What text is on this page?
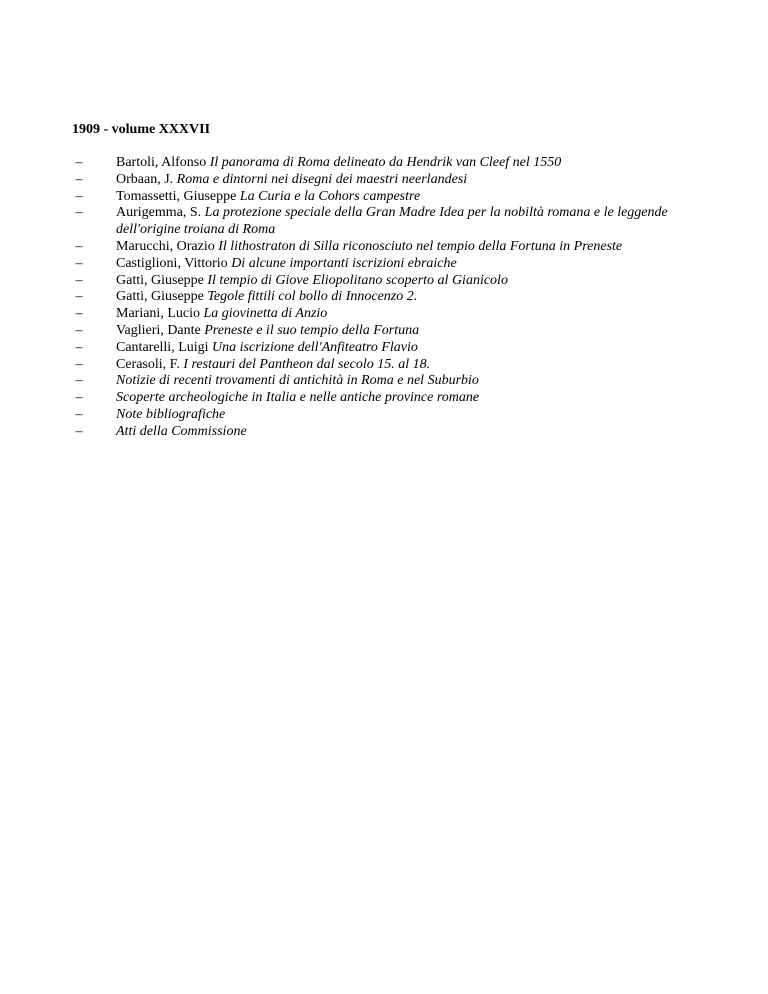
1909 - volume XXXVII
– Bartoli, Alfonso Il panorama di Roma delineato da Hendrik van Cleef nel 1550
– Orbaan, J. Roma e dintorni nei disegni dei maestri neerlandesi
– Tomassetti, Giuseppe La Curia e la Cohors campestre
– Aurigemma, S. La protezione speciale della Gran Madre Idea per la nobiltà romana e le leggende dell'origine troiana di Roma
– Marucchi, Orazio Il lithostraton di Silla riconosciuto nel tempio della Fortuna in Preneste
– Castiglioni, Vittorio Di alcune importanti iscrizioni ebraiche
– Gatti, Giuseppe Il tempio di Giove Eliopolitano scoperto al Gianicolo
– Gatti, Giuseppe Tegole fittili col bollo di Innocenzo 2.
– Mariani, Lucio La giovinetta di Anzio
– Vaglieri, Dante Preneste e il suo tempio della Fortuna
– Cantarelli, Luigi Una iscrizione dell'Anfiteatro Flavio
– Cerasoli, F. I restauri del Pantheon dal secolo 15. al 18.
– Notizie di recenti trovamenti di antichità in Roma e nel Suburbio
– Scoperte archeologiche in Italia e nelle antiche province romane
– Note bibliografiche
– Atti della Commissione
